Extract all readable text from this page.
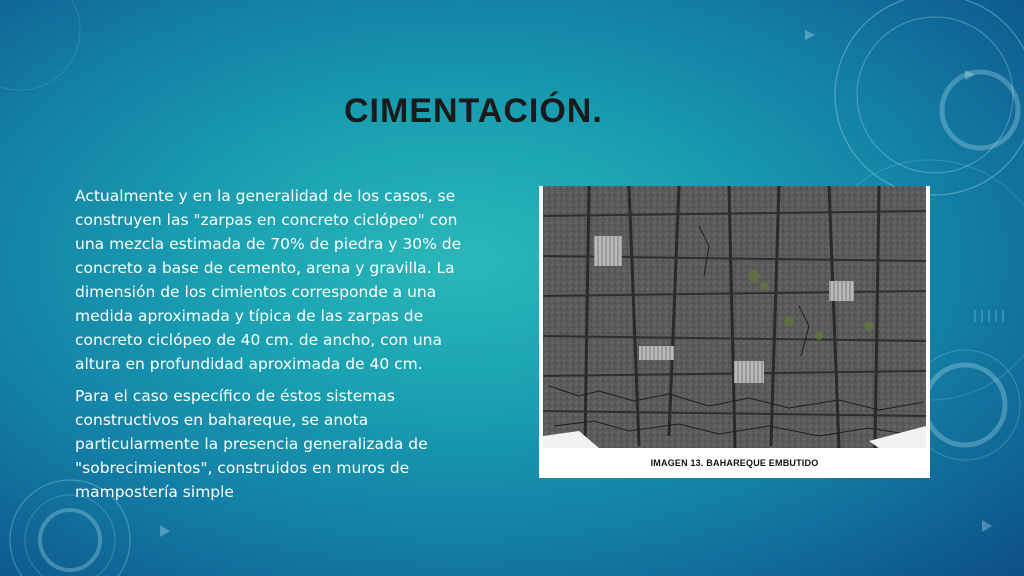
CIMENTACIÓN.

Actualmente y en la generalidad de los casos, se construyen las "zarpas en concreto ciclópeo" con una mezcla estimada de 70% de piedra y 30% de concreto a base de cemento, arena y gravilla. La dimensión de los cimientos corresponde a una medida aproximada y típica de las zarpas de concreto ciclópeo de 40 cm. de ancho, con una altura en profundidad aproximada de 40 cm.

Para el caso específico de éstos sistemas constructivos en bahareque, se anota particularmente la presencia generalizada de "sobrecimientos", construidos en muros de mampostería simple

IMAGEN 13. BAHAREQUE EMBUTIDO
